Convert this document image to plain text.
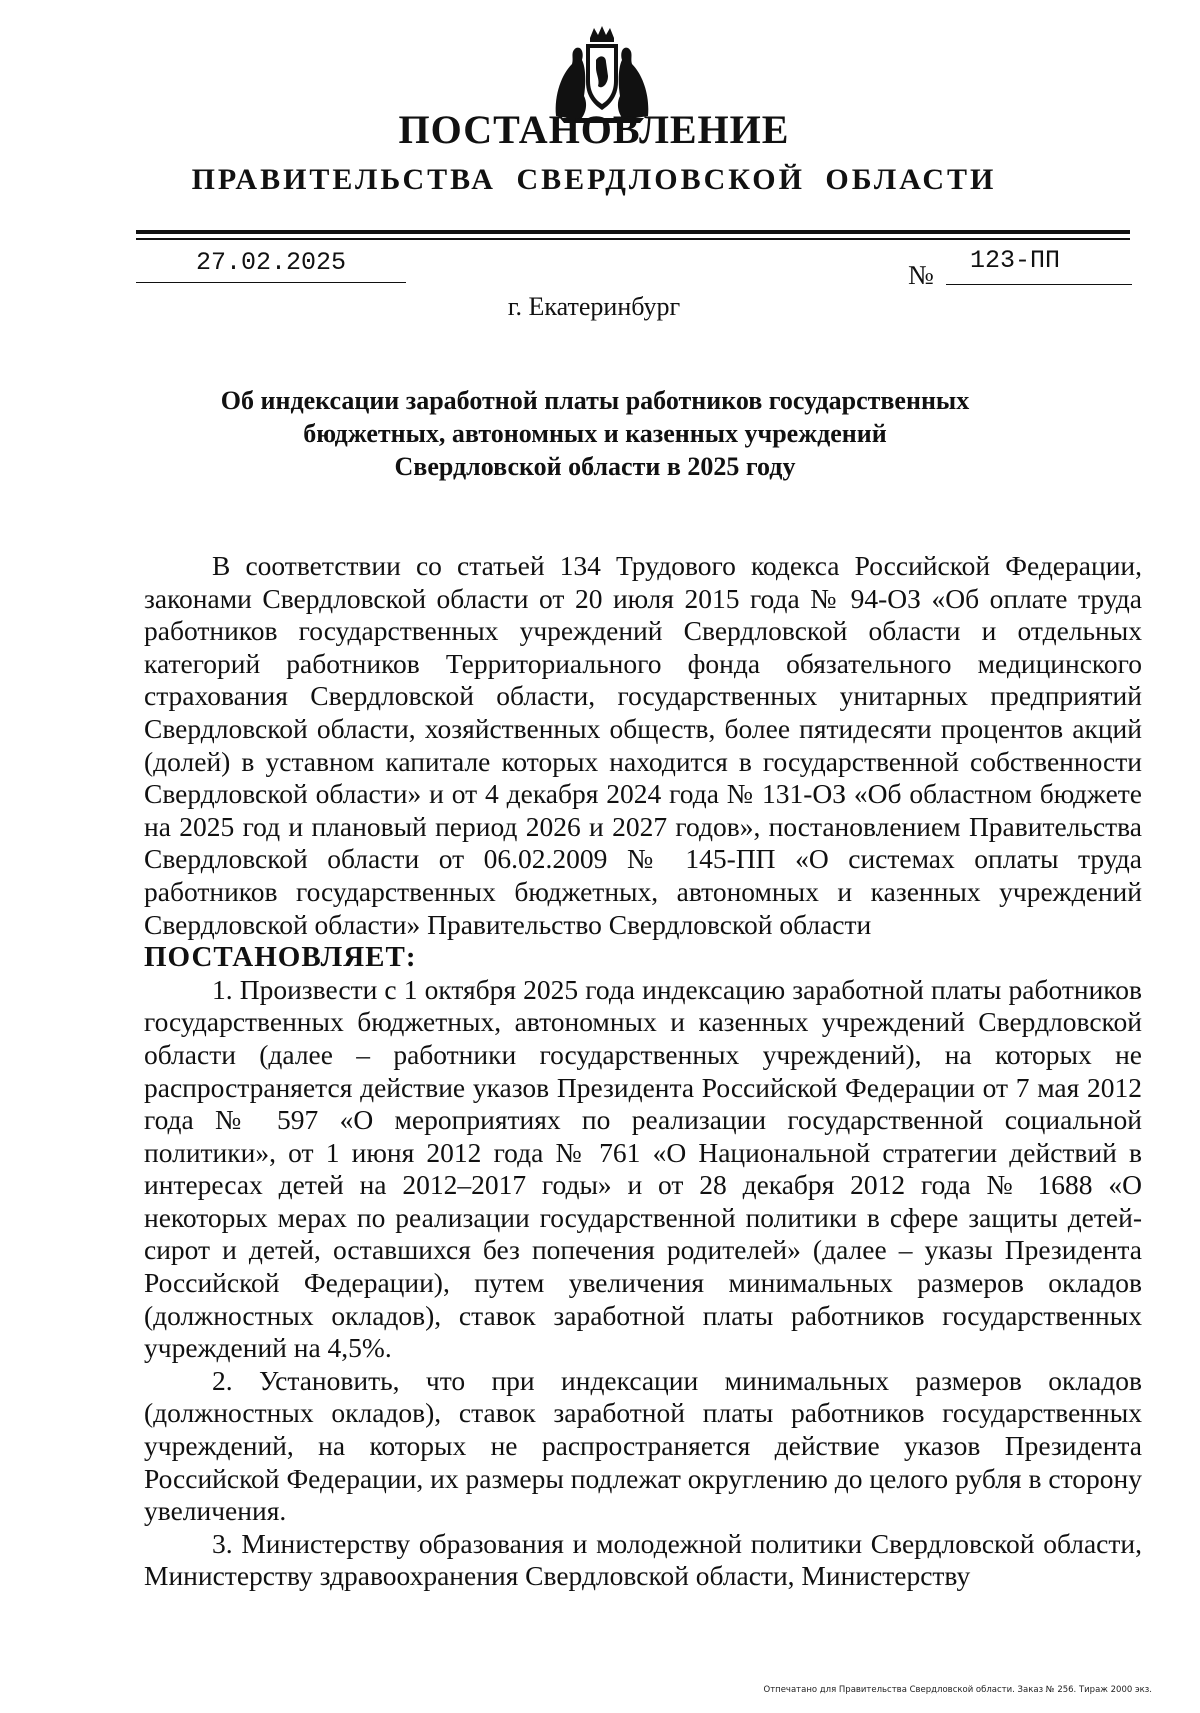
ПОСТАНОВЛЕНИЕ
ПРАВИТЕЛЬСТВА СВЕРДЛОВСКОЙ ОБЛАСТИ
27.02.2025	№ 123-ПП
г. Екатеринбург
Об индексации заработной платы работников государственных
бюджетных, автономных и казенных учреждений
Свердловской области в 2025 году

В соответствии со статьей 134 Трудового кодекса Российской Федерации, законами Свердловской области от 20 июля 2015 года № 94-ОЗ «Об оплате труда работников государственных учреждений Свердловской области и отдельных категорий работников Территориального фонда обязательного медицинского страхования Свердловской области, государственных унитарных предприятий Свердловской области, хозяйственных обществ, более пятидесяти процентов акций (долей) в уставном капитале которых находится в государственной собственности Свердловской области» и от 4 декабря 2024 года № 131-ОЗ «Об областном бюджете на 2025 год и плановый период 2026 и 2027 годов», постановлением Правительства Свердловской области от 06.02.2009 № 145-ПП «О системах оплаты труда работников государственных бюджетных, автономных и казенных учреждений Свердловской области» Правительство Свердловской области

ПОСТАНОВЛЯЕТ:

1. Произвести с 1 октября 2025 года индексацию заработной платы работников государственных бюджетных, автономных и казенных учреждений Свердловской области (далее – работники государственных учреждений), на которых не распространяется действие указов Президента Российской Федерации от 7 мая 2012 года № 597 «О мероприятиях по реализации государственной социальной политики», от 1 июня 2012 года № 761 «О Национальной стратегии действий в интересах детей на 2012–2017 годы» и от 28 декабря 2012 года № 1688 «О некоторых мерах по реализации государственной политики в сфере защиты детей-сирот и детей, оставшихся без попечения родителей» (далее – указы Президента Российской Федерации), путем увеличения минимальных размеров окладов (должностных окладов), ставок заработной платы работников государственных учреждений на 4,5%.

2. Установить, что при индексации минимальных размеров окладов (должностных окладов), ставок заработной платы работников государственных учреждений, на которых не распространяется действие указов Президента Российской Федерации, их размеры подлежат округлению до целого рубля в сторону увеличения.

3. Министерству образования и молодежной политики Свердловской области, Министерству здравоохранения Свердловской области, Министерству

Отпечатано для Правительства Свердловской области. Заказ № 256. Тираж 2000 экз.
